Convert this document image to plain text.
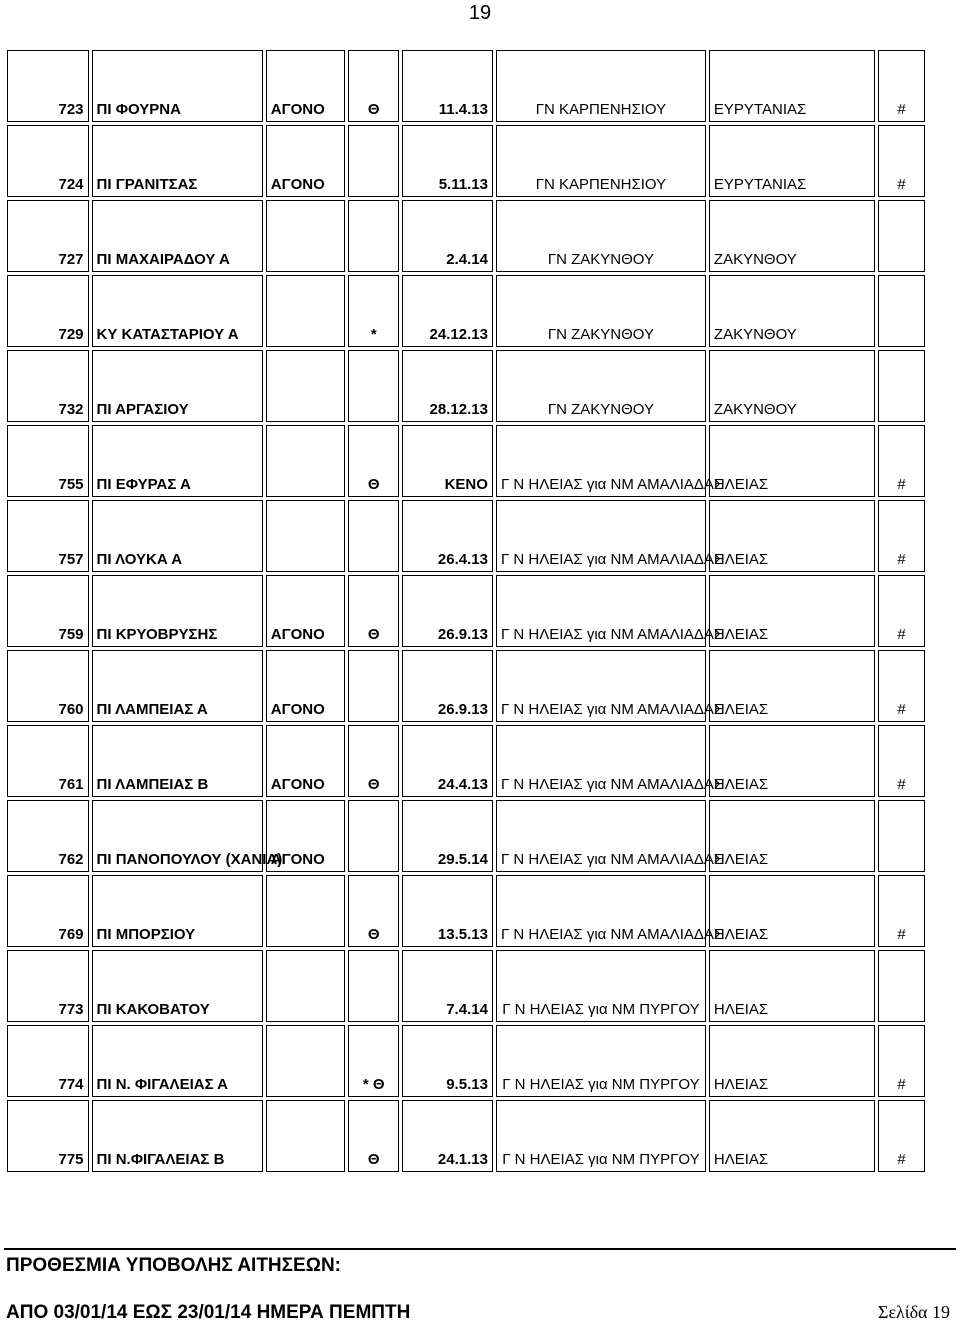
19
723	ΠΙ ΦΟΥΡΝΑ	ΑΓΟΝΟ	Θ	11.4.13	ΓΝ ΚΑΡΠΕΝΗΣΙΟΥ	ΕΥΡΥΤΑΝΙΑΣ	#
724	ΠΙ ΓΡΑΝΙΤΣΑΣ	ΑΓΟΝΟ		5.11.13	ΓΝ ΚΑΡΠΕΝΗΣΙΟΥ	ΕΥΡΥΤΑΝΙΑΣ	#
727	ΠΙ ΜΑΧΑΙΡΑΔΟΥ Α			2.4.14	ΓΝ ΖΑΚΥΝΘΟΥ	ΖΑΚΥΝΘΟΥ	
729	ΚΥ ΚΑΤΑΣΤΑΡΙΟΥ Α		*	24.12.13	ΓΝ ΖΑΚΥΝΘΟΥ	ΖΑΚΥΝΘΟΥ	
732	ΠΙ ΑΡΓΑΣΙΟΥ			28.12.13	ΓΝ ΖΑΚΥΝΘΟΥ	ΖΑΚΥΝΘΟΥ	
755	ΠΙ ΕΦΥΡΑΣ Α		Θ	ΚΕΝΟ	Γ Ν ΗΛΕΙΑΣ για ΝΜ ΑΜΑΛΙΑΔΑΣ	ΗΛΕΙΑΣ	#
757	ΠΙ ΛΟΥΚΑ Α			26.4.13	Γ Ν ΗΛΕΙΑΣ για ΝΜ ΑΜΑΛΙΑΔΑΣ	ΗΛΕΙΑΣ	#
759	ΠΙ ΚΡΥΟΒΡΥΣΗΣ	ΑΓΟΝΟ	Θ	26.9.13	Γ Ν ΗΛΕΙΑΣ για ΝΜ ΑΜΑΛΙΑΔΑΣ	ΗΛΕΙΑΣ	#
760	ΠΙ ΛΑΜΠΕΙΑΣ Α	ΑΓΟΝΟ		26.9.13	Γ Ν ΗΛΕΙΑΣ για ΝΜ ΑΜΑΛΙΑΔΑΣ	ΗΛΕΙΑΣ	#
761	ΠΙ ΛΑΜΠΕΙΑΣ Β	ΑΓΟΝΟ	Θ	24.4.13	Γ Ν ΗΛΕΙΑΣ για ΝΜ ΑΜΑΛΙΑΔΑΣ	ΗΛΕΙΑΣ	#
762	ΠΙ ΠΑΝΟΠΟΥΛΟΥ (ΧΑΝΙΑ)	ΑΓΟΝΟ		29.5.14	Γ Ν ΗΛΕΙΑΣ για ΝΜ ΑΜΑΛΙΑΔΑΣ	ΗΛΕΙΑΣ	
769	ΠΙ ΜΠΟΡΣΙΟΥ		Θ	13.5.13	Γ Ν ΗΛΕΙΑΣ για ΝΜ ΑΜΑΛΙΑΔΑΣ	ΗΛΕΙΑΣ	#
773	ΠΙ ΚΑΚΟΒΑΤΟΥ			7.4.14	Γ Ν ΗΛΕΙΑΣ για ΝΜ ΠΥΡΓΟΥ	ΗΛΕΙΑΣ	
774	ΠΙ Ν. ΦΙΓΑΛΕΙΑΣ Α		* Θ	9.5.13	Γ Ν ΗΛΕΙΑΣ για ΝΜ ΠΥΡΓΟΥ	ΗΛΕΙΑΣ	#
775	ΠΙ Ν.ΦΙΓΑΛΕΙΑΣ Β		Θ	24.1.13	Γ Ν ΗΛΕΙΑΣ για ΝΜ ΠΥΡΓΟΥ	ΗΛΕΙΑΣ	#
ΠΡΟΘΕΣΜΙΑ ΥΠΟΒΟΛΗΣ ΑΙΤΗΣΕΩΝ:
ΑΠΟ 03/01/14 ΕΩΣ 23/01/14 ΗΜΕΡΑ ΠΕΜΠΤΗ	Σελίδα 19
